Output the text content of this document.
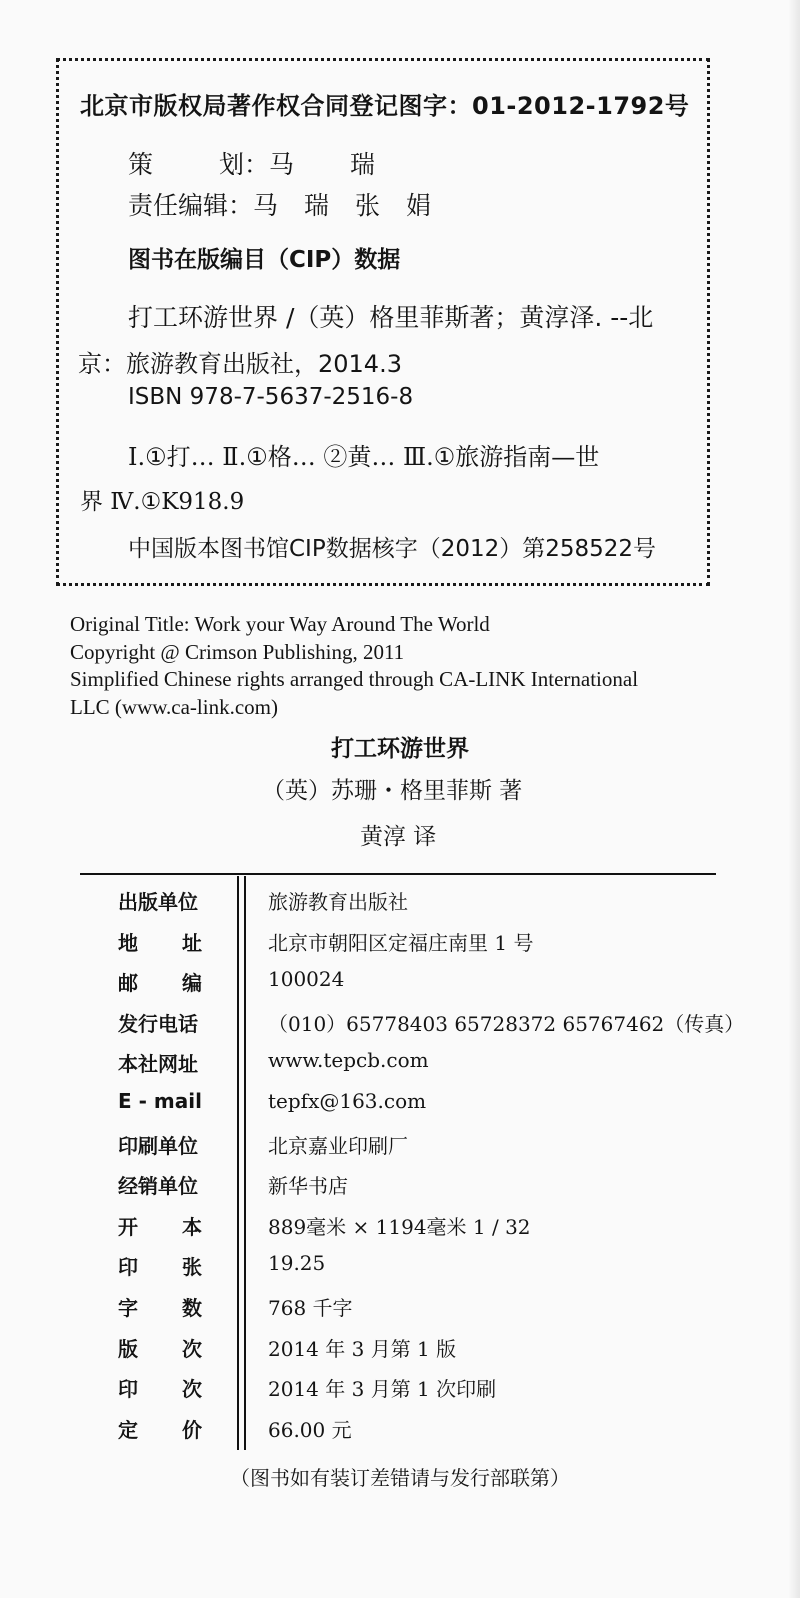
北京市版权局著作权合同登记图字：01-2012-1792号
策	划：马 瑞
责任编辑：马瑞张娟
图书在版编目（CIP）数据
打工环游世界 /（英）格里菲斯著；黄淳泽. --北
京：旅游教育出版社，2014.3
ISBN 978-7-5637-2516-8
Ⅰ.①打… Ⅱ.①格… ②黄… Ⅲ.①旅游指南—世
界 Ⅳ.①K918.9
中国版本图书馆CIP数据核字（2012）第258522号
Original Title: Work your Way Around The World
Copyright @ Crimson Publishing, 2011
Simplified Chinese rights arranged through CA-LINK International
LLC (www.ca-link.com)
打工环游世界
（英）苏珊・格里菲斯 著
黄淳 译
出版单位	旅游教育出版社
地 址	北京市朝阳区定福庄南里 1 号
邮 编	100024
发行电话	（010）65778403 65728372 65767462（传真）
本社网址	www.tepcb.com
E - mail	tepfx@163.com
印刷单位	北京嘉业印刷厂
经销单位	新华书店
开 本	889毫米 × 1194毫米 1 / 32
印 张	19.25
字 数	768 千字
版 次	2014 年 3 月第 1 版
印 次	2014 年 3 月第 1 次印刷
定 价	66.00 元
（图书如有装订差错请与发行部联第）
